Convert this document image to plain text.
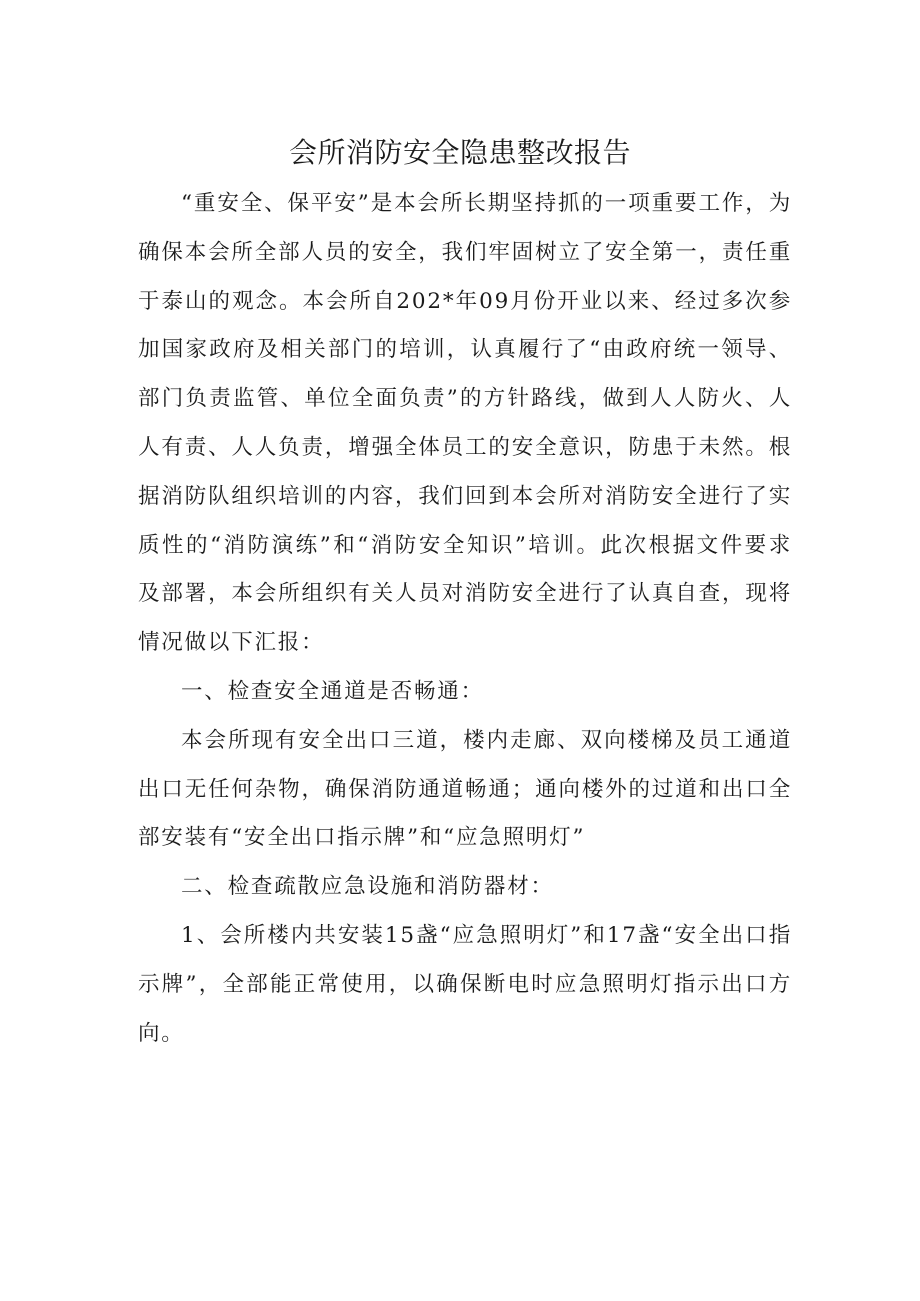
会所消防安全隐患整改报告

“重安全、保平安”是本会所长期坚持抓的一项重要工作，为确保本会所全部人员的安全，我们牢固树立了安全第一，责任重于泰山的观念。本会所自202*年09月份开业以来、经过多次参加国家政府及相关部门的培训，认真履行了“由政府统一领导、部门负责监管、单位全面负责”的方针路线，做到人人防火、人人有责、人人负责，增强全体员工的安全意识，防患于未然。根据消防队组织培训的内容，我们回到本会所对消防安全进行了实质性的“消防演练”和“消防安全知识”培训。此次根据文件要求及部署，本会所组织有关人员对消防安全进行了认真自查，现将情况做以下汇报：

一、检查安全通道是否畅通：

本会所现有安全出口三道，楼内走廊、双向楼梯及员工通道出口无任何杂物，确保消防通道畅通；通向楼外的过道和出口全部安装有“安全出口指示牌”和“应急照明灯”

二、检查疏散应急设施和消防器材：

1、会所楼内共安装15盏“应急照明灯”和17盏“安全出口指示牌”，全部能正常使用，以确保断电时应急照明灯指示出口方向。
